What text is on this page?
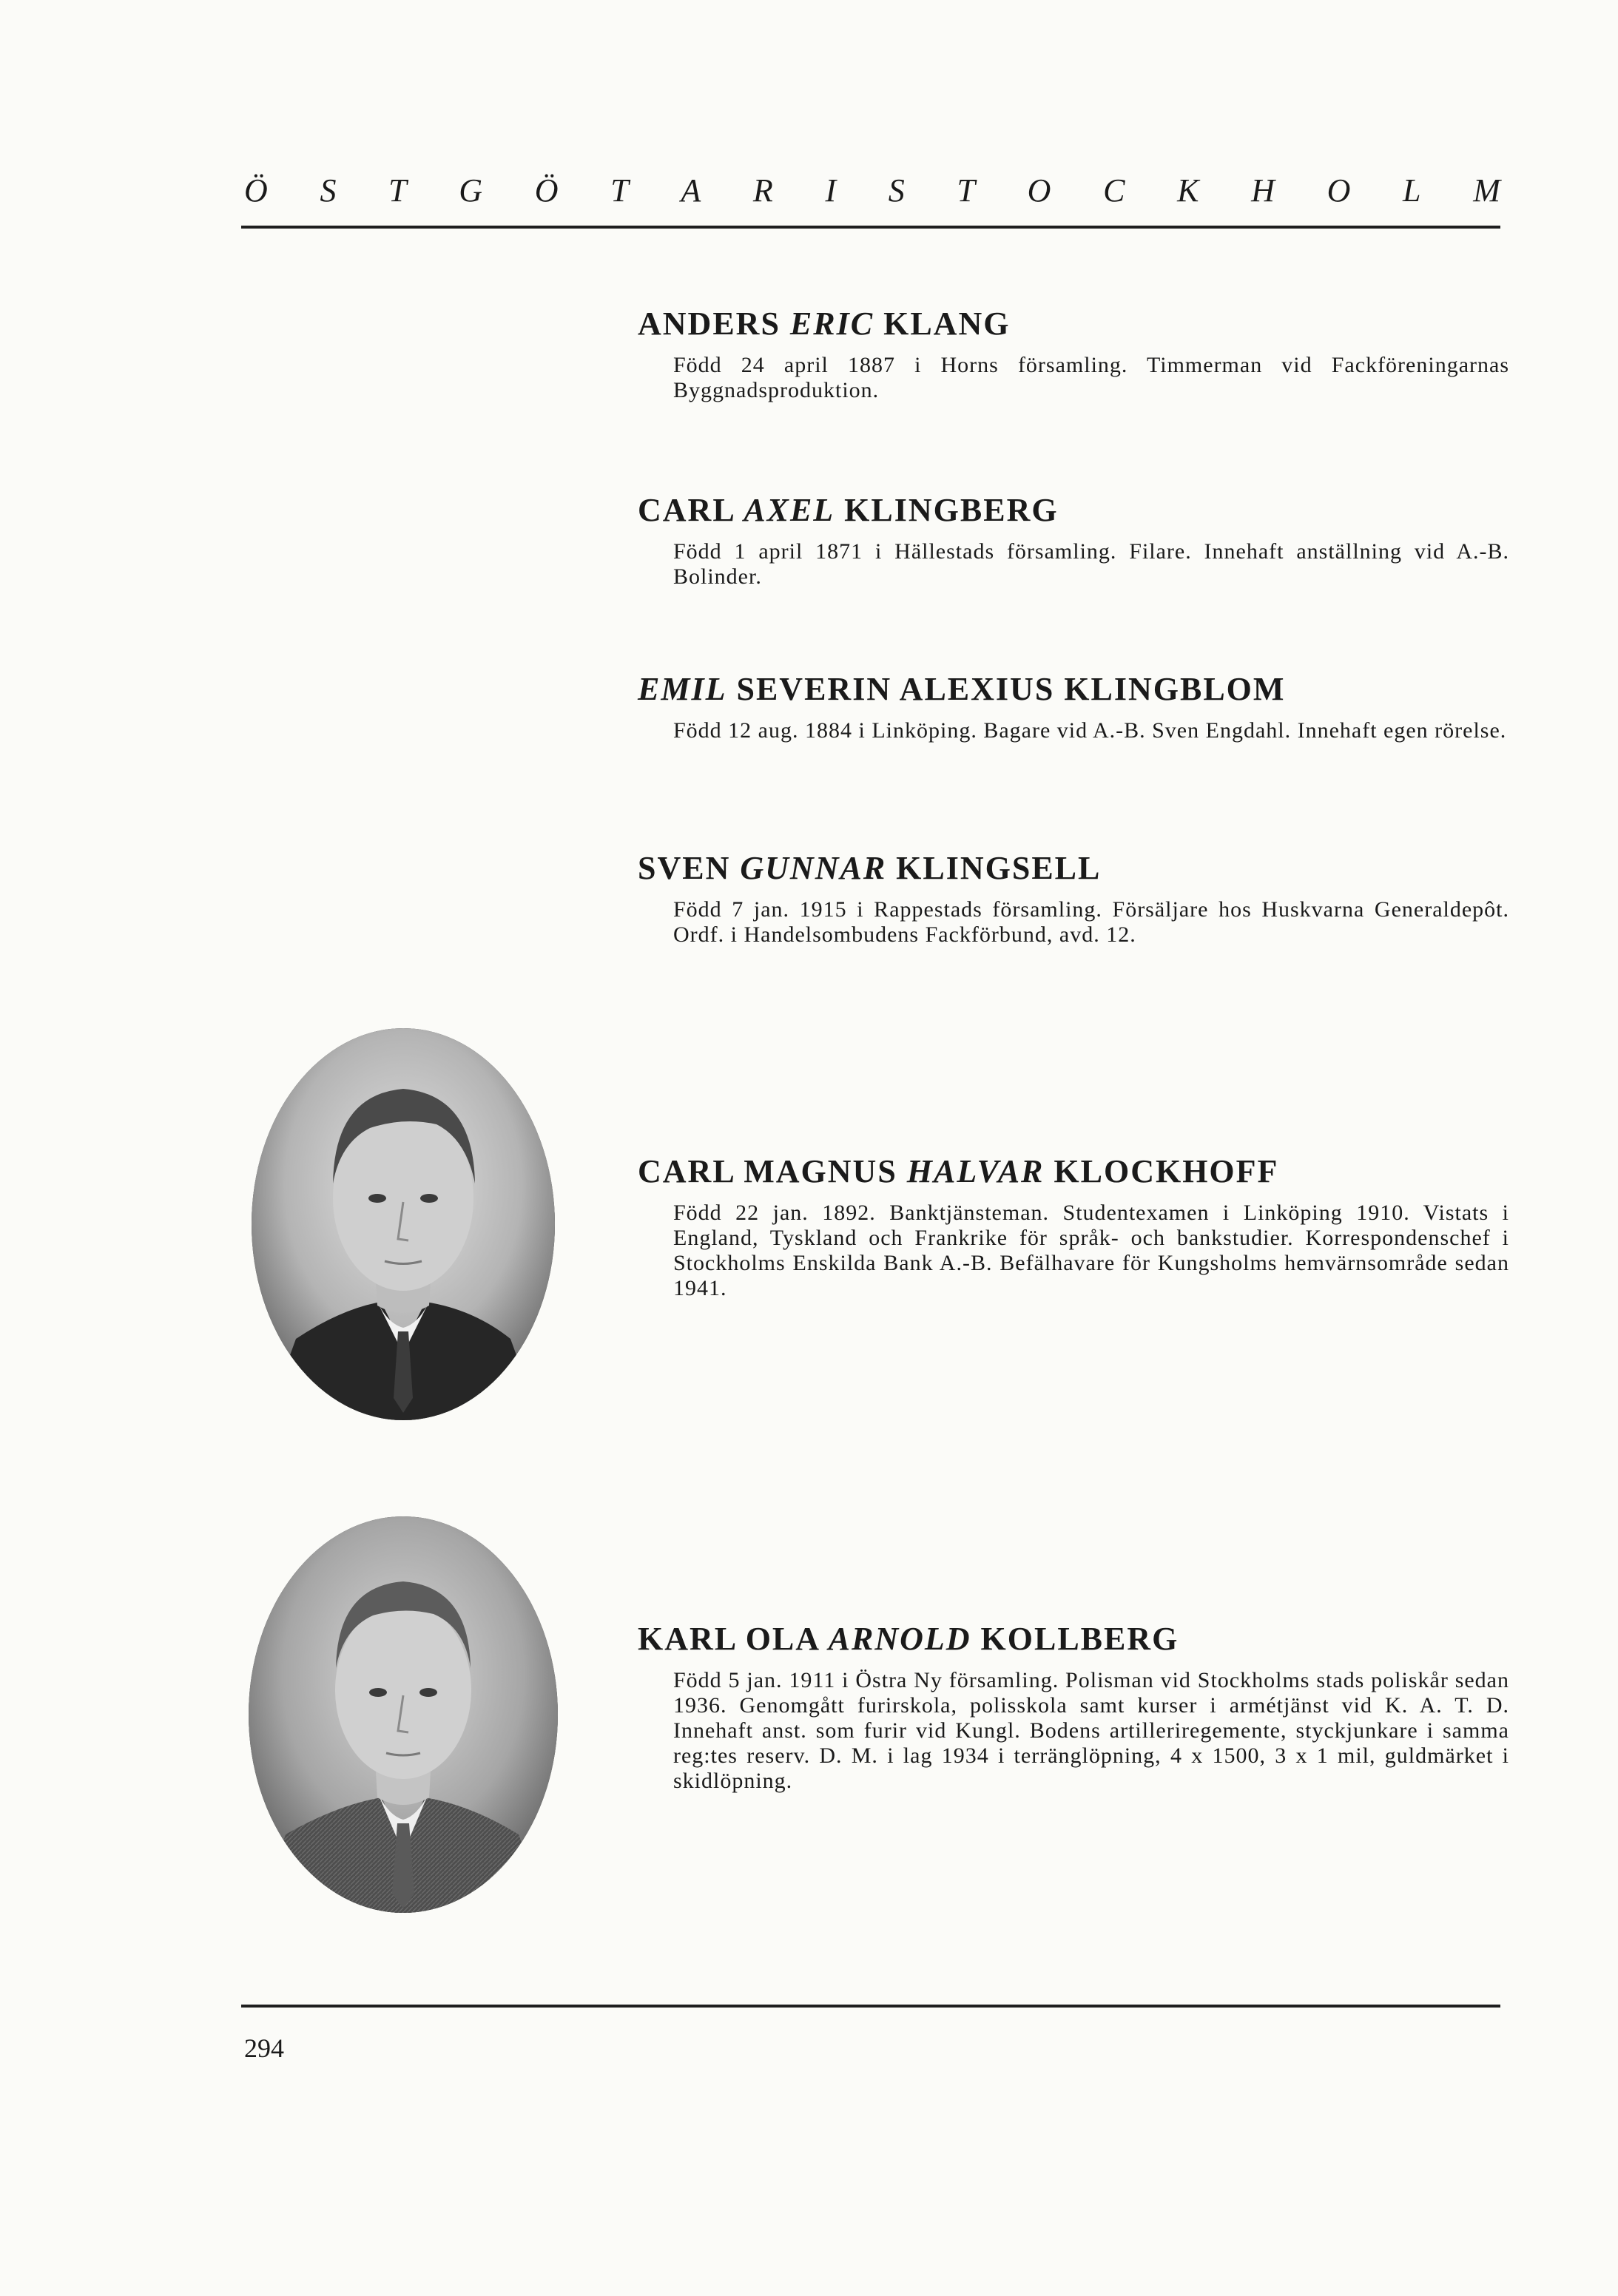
Ö S T G Ö T A R I S T O C K H O L M
ANDERS ERIC KLANG

Född 24 april 1887 i Horns församling. Timmerman vid Fackföreningarnas Byggnadsproduktion.

CARL AXEL KLINGBERG

Född 1 april 1871 i Hällestads församling. Filare. Innehaft anställning vid A.-B. Bolinder.

EMIL SEVERIN ALEXIUS KLINGBLOM

Född 12 aug. 1884 i Linköping. Bagare vid A.-B. Sven Engdahl. Innehaft egen rörelse.

SVEN GUNNAR KLINGSELL

Född 7 jan. 1915 i Rappestads församling. Försäljare hos Huskvarna Generaldepôt. Ordf. i Handelsombudens Fackförbund, avd. 12.

CARL MAGNUS HALVAR KLOCKHOFF

Född 22 jan. 1892. Banktjänsteman. Studentexamen i Linköping 1910. Vistats i England, Tyskland och Frankrike för språk- och bankstudier. Korrespondenschef i Stockholms Enskilda Bank A.-B. Befälhavare för Kungsholms hemvärnsområde sedan 1941.

KARL OLA ARNOLD KOLLBERG

Född 5 jan. 1911 i Östra Ny församling. Polisman vid Stockholms stads poliskår sedan 1936. Genomgått furirskola, polisskola samt kurser i armétjänst vid K. A. T. D. Innehaft anst. som furir vid Kungl. Bodens artilleriregemente, styckjunkare i samma reg:tes reserv. D. M. i lag 1934 i terränglöpning, 4 x 1500, 3 x 1 mil, guldmärket i skidlöpning.

294
